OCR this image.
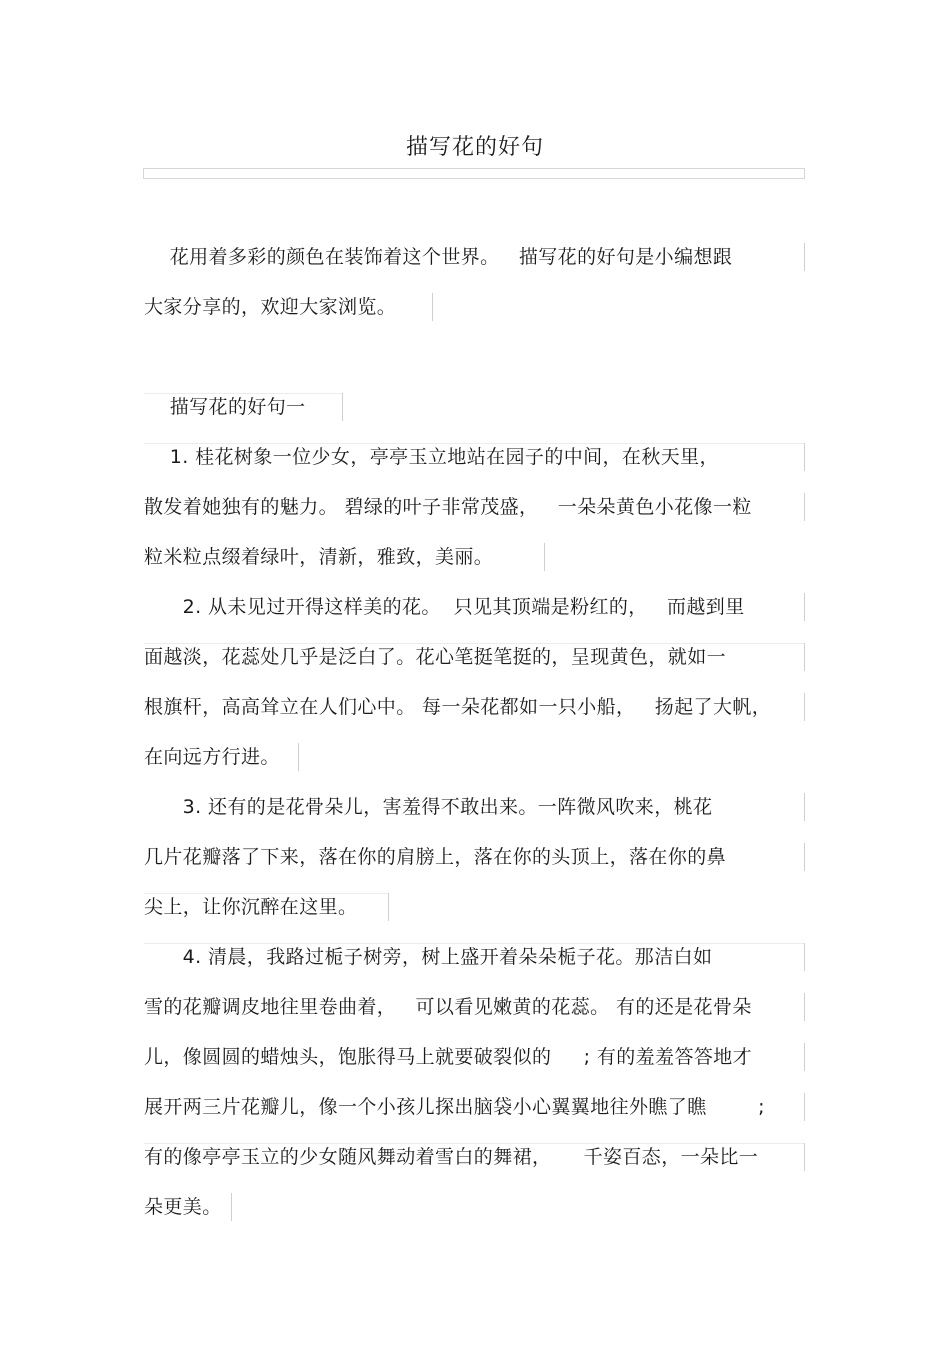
描写花的好句
花用着多彩的颜色在装饰着这个世界。   描写花的好句是小编想跟
大家分享的，欢迎大家浏览。
描写花的好句一
1. 桂花树象一位少女，亭亭玉立地站在园子的中间，在秋天里，
散发着她独有的魅力。 碧绿的叶子非常茂盛，   一朵朵黄色小花像一粒
粒米粒点缀着绿叶，清新，雅致，美丽。
2. 从未见过开得这样美的花。  只见其顶端是粉红的，   而越到里
面越淡，花蕊处几乎是泛白了。花心笔挺笔挺的，呈现黄色，就如一
根旗杆，高高耸立在人们心中。 每一朵花都如一只小船，   扬起了大帆，
在向远方行进。
3. 还有的是花骨朵儿，害羞得不敢出来。一阵微风吹来，桃花
几片花瓣落了下来，落在你的肩膀上，落在你的头顶上，落在你的鼻
尖上，让你沉醉在这里。
4. 清晨，我路过栀子树旁，树上盛开着朵朵栀子花。那洁白如
雪的花瓣调皮地往里卷曲着，   可以看见嫩黄的花蕊。 有的还是花骨朵
儿，像圆圆的蜡烛头，饱胀得马上就要破裂似的     ; 有的羞羞答答地才
展开两三片花瓣儿，像一个小孩儿探出脑袋小心翼翼地往外瞧了瞧        ;
有的像亭亭玉立的少女随风舞动着雪白的舞裙，     千姿百态，一朵比一
朵更美。
